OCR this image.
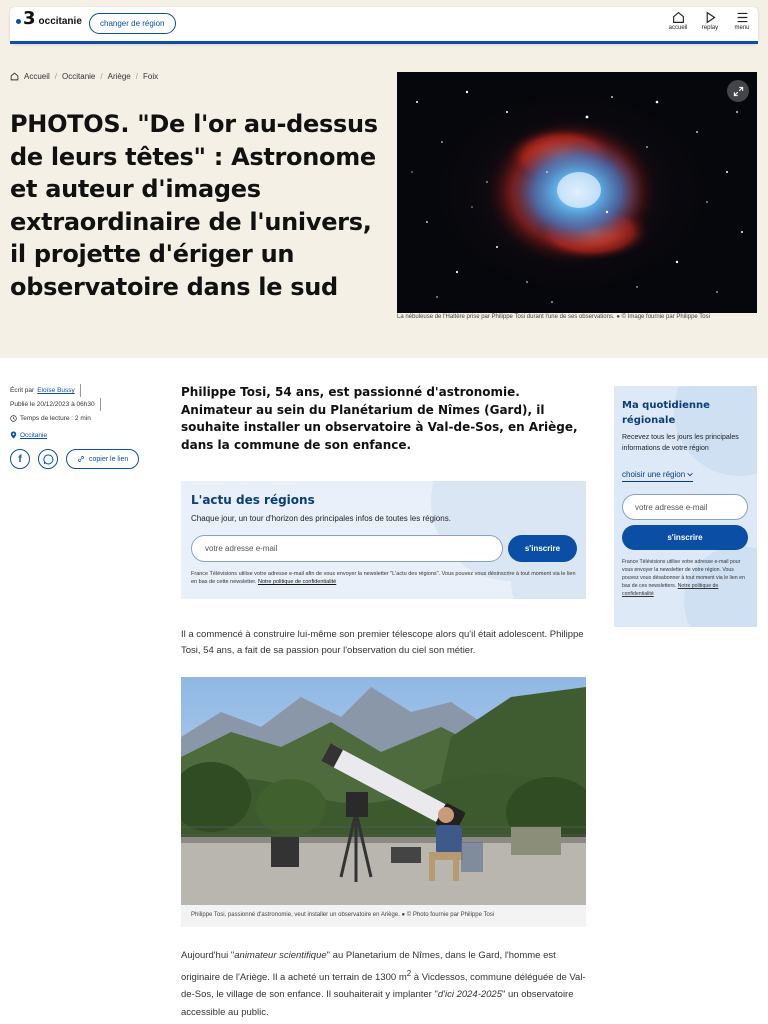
3 occitanie	changer de région	accueil replay	menu
Accueil / Occitanie / Ariège / Foix
PHOTOS. "De l'or au-dessus de leurs têtes" : Astronome et auteur d'images extraordinaire de l'univers, il projette d'ériger un observatoire dans le sud

La nébuleuse de l'Haltère prise par Philippe Tosi durant l'une de ses observations. ● © Image fournie par Philippe Tosi

Écrit par Eloïse Bussy
Publié le 20/12/2023 à 06h30
Temps de lecture : 2 min
Occitanie
f	copier le lien

Philippe Tosi, 54 ans, est passionné d'astronomie. Animateur au sein du Planétarium de Nîmes (Gard), il souhaite installer un observatoire à Val-de-Sos, en Ariège, dans la commune de son enfance.

L'actu des régions

Chaque jour, un tour d'horizon des principales infos de toutes les régions.

votre adresse e-mail	s'inscrire

France Télévisions utilise votre adresse e-mail afin de vous envoyer la newsletter "L'actu des régions". Vous pouvez vous désinscrire à tout moment via le lien en bas de cette newsletter. Notre politique de confidentialité

Il a commencé à construire lui-même son premier télescope alors qu'il était adolescent. Philippe Tosi, 54 ans, a fait de sa passion pour l'observation du ciel son métier.

Philippe Tosi, passionné d'astronomie, veut installer un observatoire en Ariège. ● © Photo fournie par Philippe Tosi

Aujourd'hui "animateur scientifique" au Planetarium de Nîmes, dans le Gard, l'homme est originaire de l'Ariège. Il a acheté un terrain de 1300 $m^2$ à Vicdessos, commune déléguée de Val-de-Sos, le village de son enfance. Il souhaiterait y implanter "d'ici 2024-2025" un observatoire accessible au public.

Ma quotidienne régionale

Recevez tous les jours les principales informations de votre région

choisir une région
votre adresse e-mail
s'inscrire

France Télévisions utilise votre adresse e-mail pour vous envoyer la newsletter de votre région. Vous pouvez vous désabonner à tout moment via le lien en bas de ces newsletters. Notre politique de confidentialité
